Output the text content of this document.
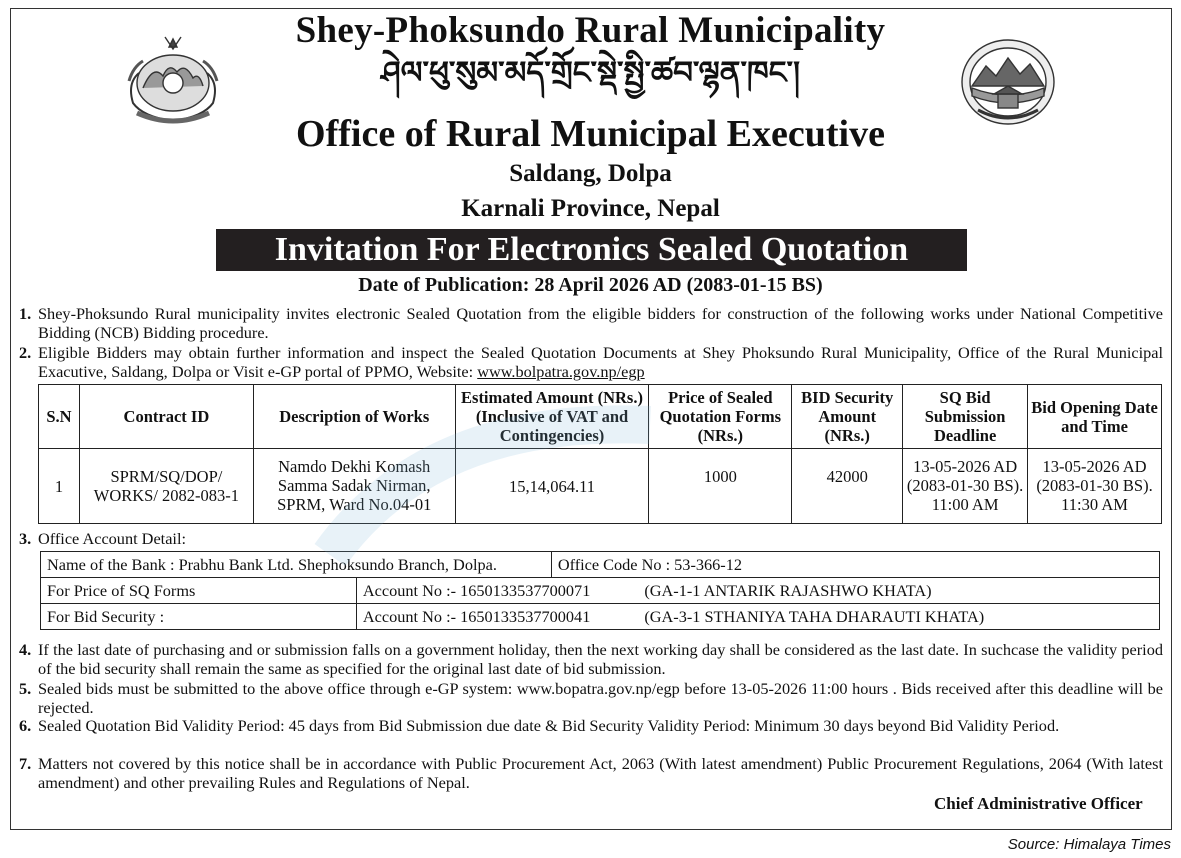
Shey-Phoksundo Rural Municipality
ཤེལ་ཕུ་སུམ་མདོ་གྲོང་སྡེ་སྤྱི་ཚབ་ལྷན་ཁང་།
Office of Rural Municipal Executive
Saldang, Dolpa
Karnali Province, Nepal
Invitation For Electronics Sealed Quotation
Date of Publication: 28 April 2026 AD (2083-01-15 BS)
1. Shey-Phoksundo Rural municipality invites electronic Sealed Quotation from the eligible bidders for construction of the following works under National Competitive Bidding (NCB) Bidding procedure.
2. Eligible Bidders may obtain further information and inspect the Sealed Quotation Documents at Shey Phoksundo Rural Municipality, Office of the Rural Municipal Exacutive, Saldang, Dolpa or Visit e-GP portal of PPMO, Website: www.bolpatra.gov.np/egp
S.N	Contract ID	Description of Works	Estimated Amount (NRs.) (Inclusive of VAT and Contingencies)	Price of Sealed Quotation Forms (NRs.)	BID Security Amount (NRs.)	SQ Bid Submission Deadline	Bid Opening Date and Time
1	SPRM/SQ/DOP/ WORKS/ 2082-083-1	Namdo Dekhi Komash Samma Sadak Nirman, SPRM, Ward No.04-01	15,14,064.11	1000	42000	13-05-2026 AD (2083-01-30 BS). 11:00 AM	13-05-2026 AD (2083-01-30 BS). 11:30 AM
3. Office Account Detail:
Name of the Bank : Prabhu Bank Ltd. Shephoksundo Branch, Dolpa.		Office Code No : 53-366-12
For Price of SQ Forms	Account No :- 1650133537700071 (GA-1-1 ANTARIK RAJASHWO KHATA)	
For Bid Security :	Account No :- 1650133537700041 (GA-3-1 STHANIYA TAHA DHARAUTI KHATA)	
4. If the last date of purchasing and or submission falls on a government holiday, then the next working day shall be considered as the last date. In suchcase the validity period of the bid security shall remain the same as specified for the original last date of bid submission.
5. Sealed bids must be submitted to the above office through e-GP system: www.bopatra.gov.np/egp before 13-05-2026 11:00 hours . Bids received after this deadline will be rejected.
6. Sealed Quotation Bid Validity Period: 45 days from Bid Submission due date & Bid Security Validity Period: Minimum 30 days beyond Bid Validity Period.
7. Matters not covered by this notice shall be in accordance with Public Procurement Act, 2063 (With latest amendment) Public Procurement Regulations, 2064 (With latest amendment) and other prevailing Rules and Regulations of Nepal.
Chief Administrative Officer
Source: Himalaya Times
